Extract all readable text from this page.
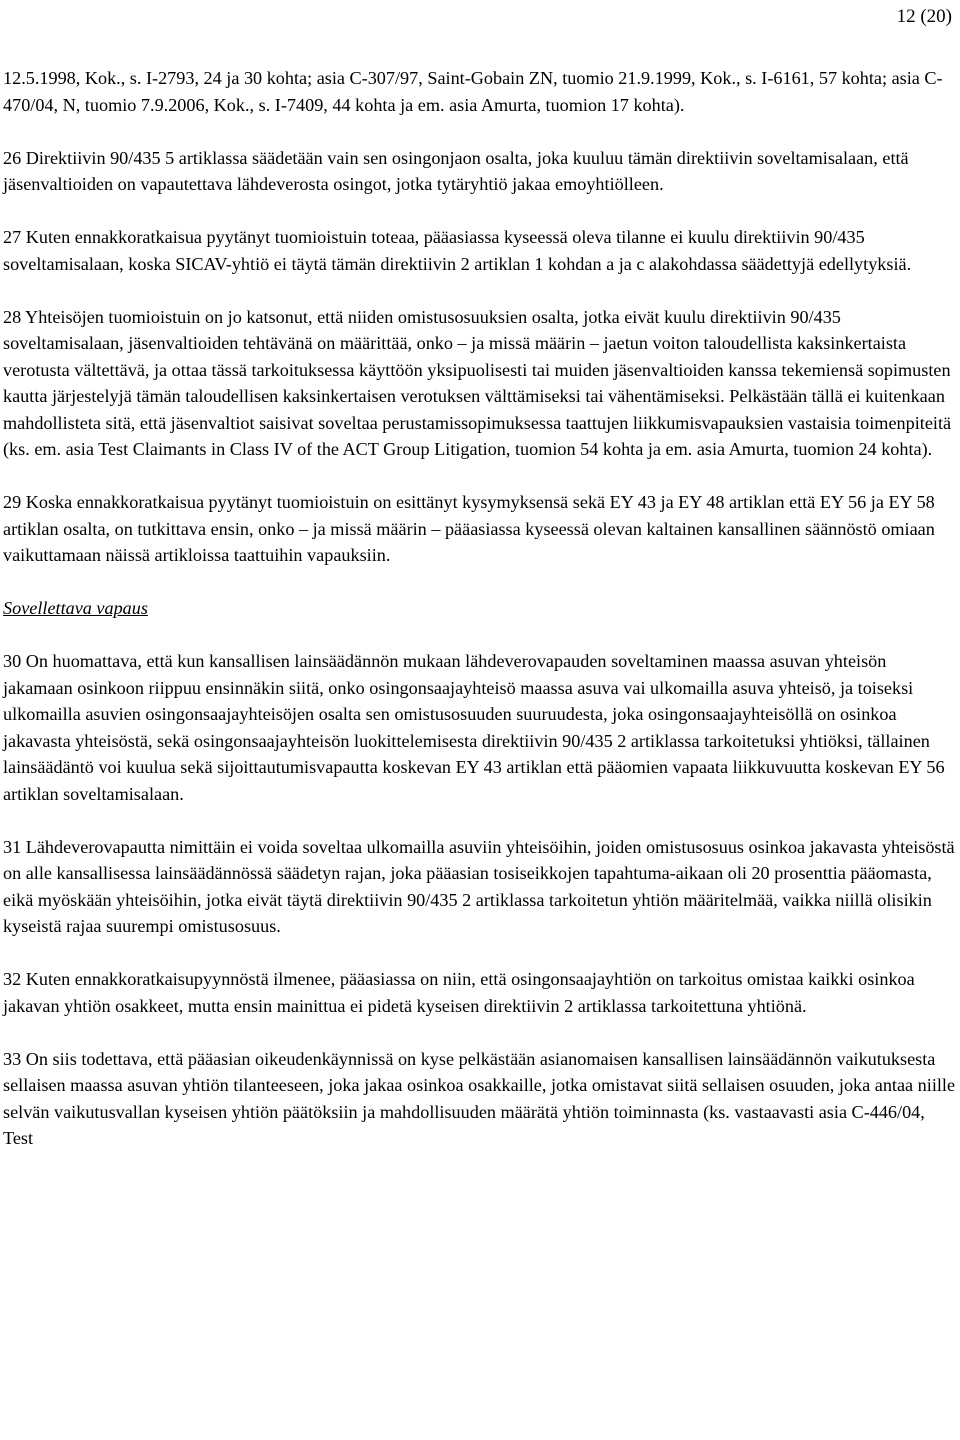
12 (20)

12.5.1998, Kok., s. I-2793, 24 ja 30 kohta; asia C-307/97, Saint-Gobain ZN, tuomio 21.9.1999, Kok., s. I-6161, 57 kohta; asia C-470/04, N, tuomio 7.9.2006, Kok., s. I-7409, 44 kohta ja em. asia Amurta, tuomion 17 kohta).

26 Direktiivin 90/435 5 artiklassa säädetään vain sen osingonjaon osalta, joka kuuluu tämän direktiivin soveltamisalaan, että jäsenvaltioiden on vapautettava lähdeverosta osingot, jotka tytäryhtiö jakaa emoyhtiölleen.

27 Kuten ennakkoratkaisua pyytänyt tuomioistuin toteaa, pääasiassa kyseessä oleva tilanne ei kuulu direktiivin 90/435 soveltamisalaan, koska SICAV-yhtiö ei täytä tämän direktiivin 2 artiklan 1 kohdan a ja c alakohdassa säädettyjä edellytyksiä.

28 Yhteisöjen tuomioistuin on jo katsonut, että niiden omistusosuuksien osalta, jotka eivät kuulu direktiivin 90/435 soveltamisalaan, jäsenvaltioiden tehtävänä on määrittää, onko – ja missä määrin – jaetun voiton taloudellista kaksinkertaista verotusta vältettävä, ja ottaa tässä tarkoituksessa käyttöön yksipuolisesti tai muiden jäsenvaltioiden kanssa tekemiensä sopimusten kautta järjestelyjä tämän taloudellisen kaksinkertaisen verotuksen välttämiseksi tai vähentämiseksi. Pelkästään tällä ei kuitenkaan mahdollisteta sitä, että jäsenvaltiot saisivat soveltaa perustamissopimuksessa taattujen liikkumisvapauksien vastaisia toimenpiteitä (ks. em. asia Test Claimants in Class IV of the ACT Group Litigation, tuomion 54 kohta ja em. asia Amurta, tuomion 24 kohta).

29 Koska ennakkoratkaisua pyytänyt tuomioistuin on esittänyt kysymyksensä sekä EY 43 ja EY 48 artiklan että EY 56 ja EY 58 artiklan osalta, on tutkittava ensin, onko – ja missä määrin – pääasiassa kyseessä olevan kaltainen kansallinen säännöstö omiaan vaikuttamaan näissä artikloissa taattuihin vapauksiin.

Sovellettava vapaus

30 On huomattava, että kun kansallisen lainsäädännön mukaan lähdeverovapauden soveltaminen maassa asuvan yhteisön jakamaan osinkoon riippuu ensinnäkin siitä, onko osingonsaajayhteisö maassa asuva vai ulkomailla asuva yhteisö, ja toiseksi ulkomailla asuvien osingonsaajayhteisöjen osalta sen omistusosuuden suuruudesta, joka osingonsaajayhteisöllä on osinkoa jakavasta yhteisöstä, sekä osingonsaajayhteisön luokittelemisesta direktiivin 90/435 2 artiklassa tarkoitetuksi yhtiöksi, tällainen lainsäädäntö voi kuulua sekä sijoittautumisvapautta koskevan EY 43 artiklan että pääomien vapaata liikkuvuutta koskevan EY 56 artiklan soveltamisalaan.

31 Lähdeverovapautta nimittäin ei voida soveltaa ulkomailla asuviin yhteisöihin, joiden omistusosuus osinkoa jakavasta yhteisöstä on alle kansallisessa lainsäädännössä säädetyn rajan, joka pääasian tosiseikkojen tapahtuma-aikaan oli 20 prosenttia pääomasta, eikä myöskään yhteisöihin, jotka eivät täytä direktiivin 90/435 2 artiklassa tarkoitetun yhtiön määritelmää, vaikka niillä olisikin kyseistä rajaa suurempi omistusosuus.

32 Kuten ennakkoratkaisupyynnöstä ilmenee, pääasiassa on niin, että osingonsaajayhtiön on tarkoitus omistaa kaikki osinkoa jakavan yhtiön osakkeet, mutta ensin mainittua ei pidetä kyseisen direktiivin 2 artiklassa tarkoitettuna yhtiönä.

33 On siis todettava, että pääasian oikeudenkäynnissä on kyse pelkästään asianomaisen kansallisen lainsäädännön vaikutuksesta sellaisen maassa asuvan yhtiön tilanteeseen, joka jakaa osinkoa osakkaille, jotka omistavat siitä sellaisen osuuden, joka antaa niille selvän vaikutusvallan kyseisen yhtiön päätöksiin ja mahdollisuuden määrätä yhtiön toiminnasta (ks. vastaavasti asia C-446/04, Test
